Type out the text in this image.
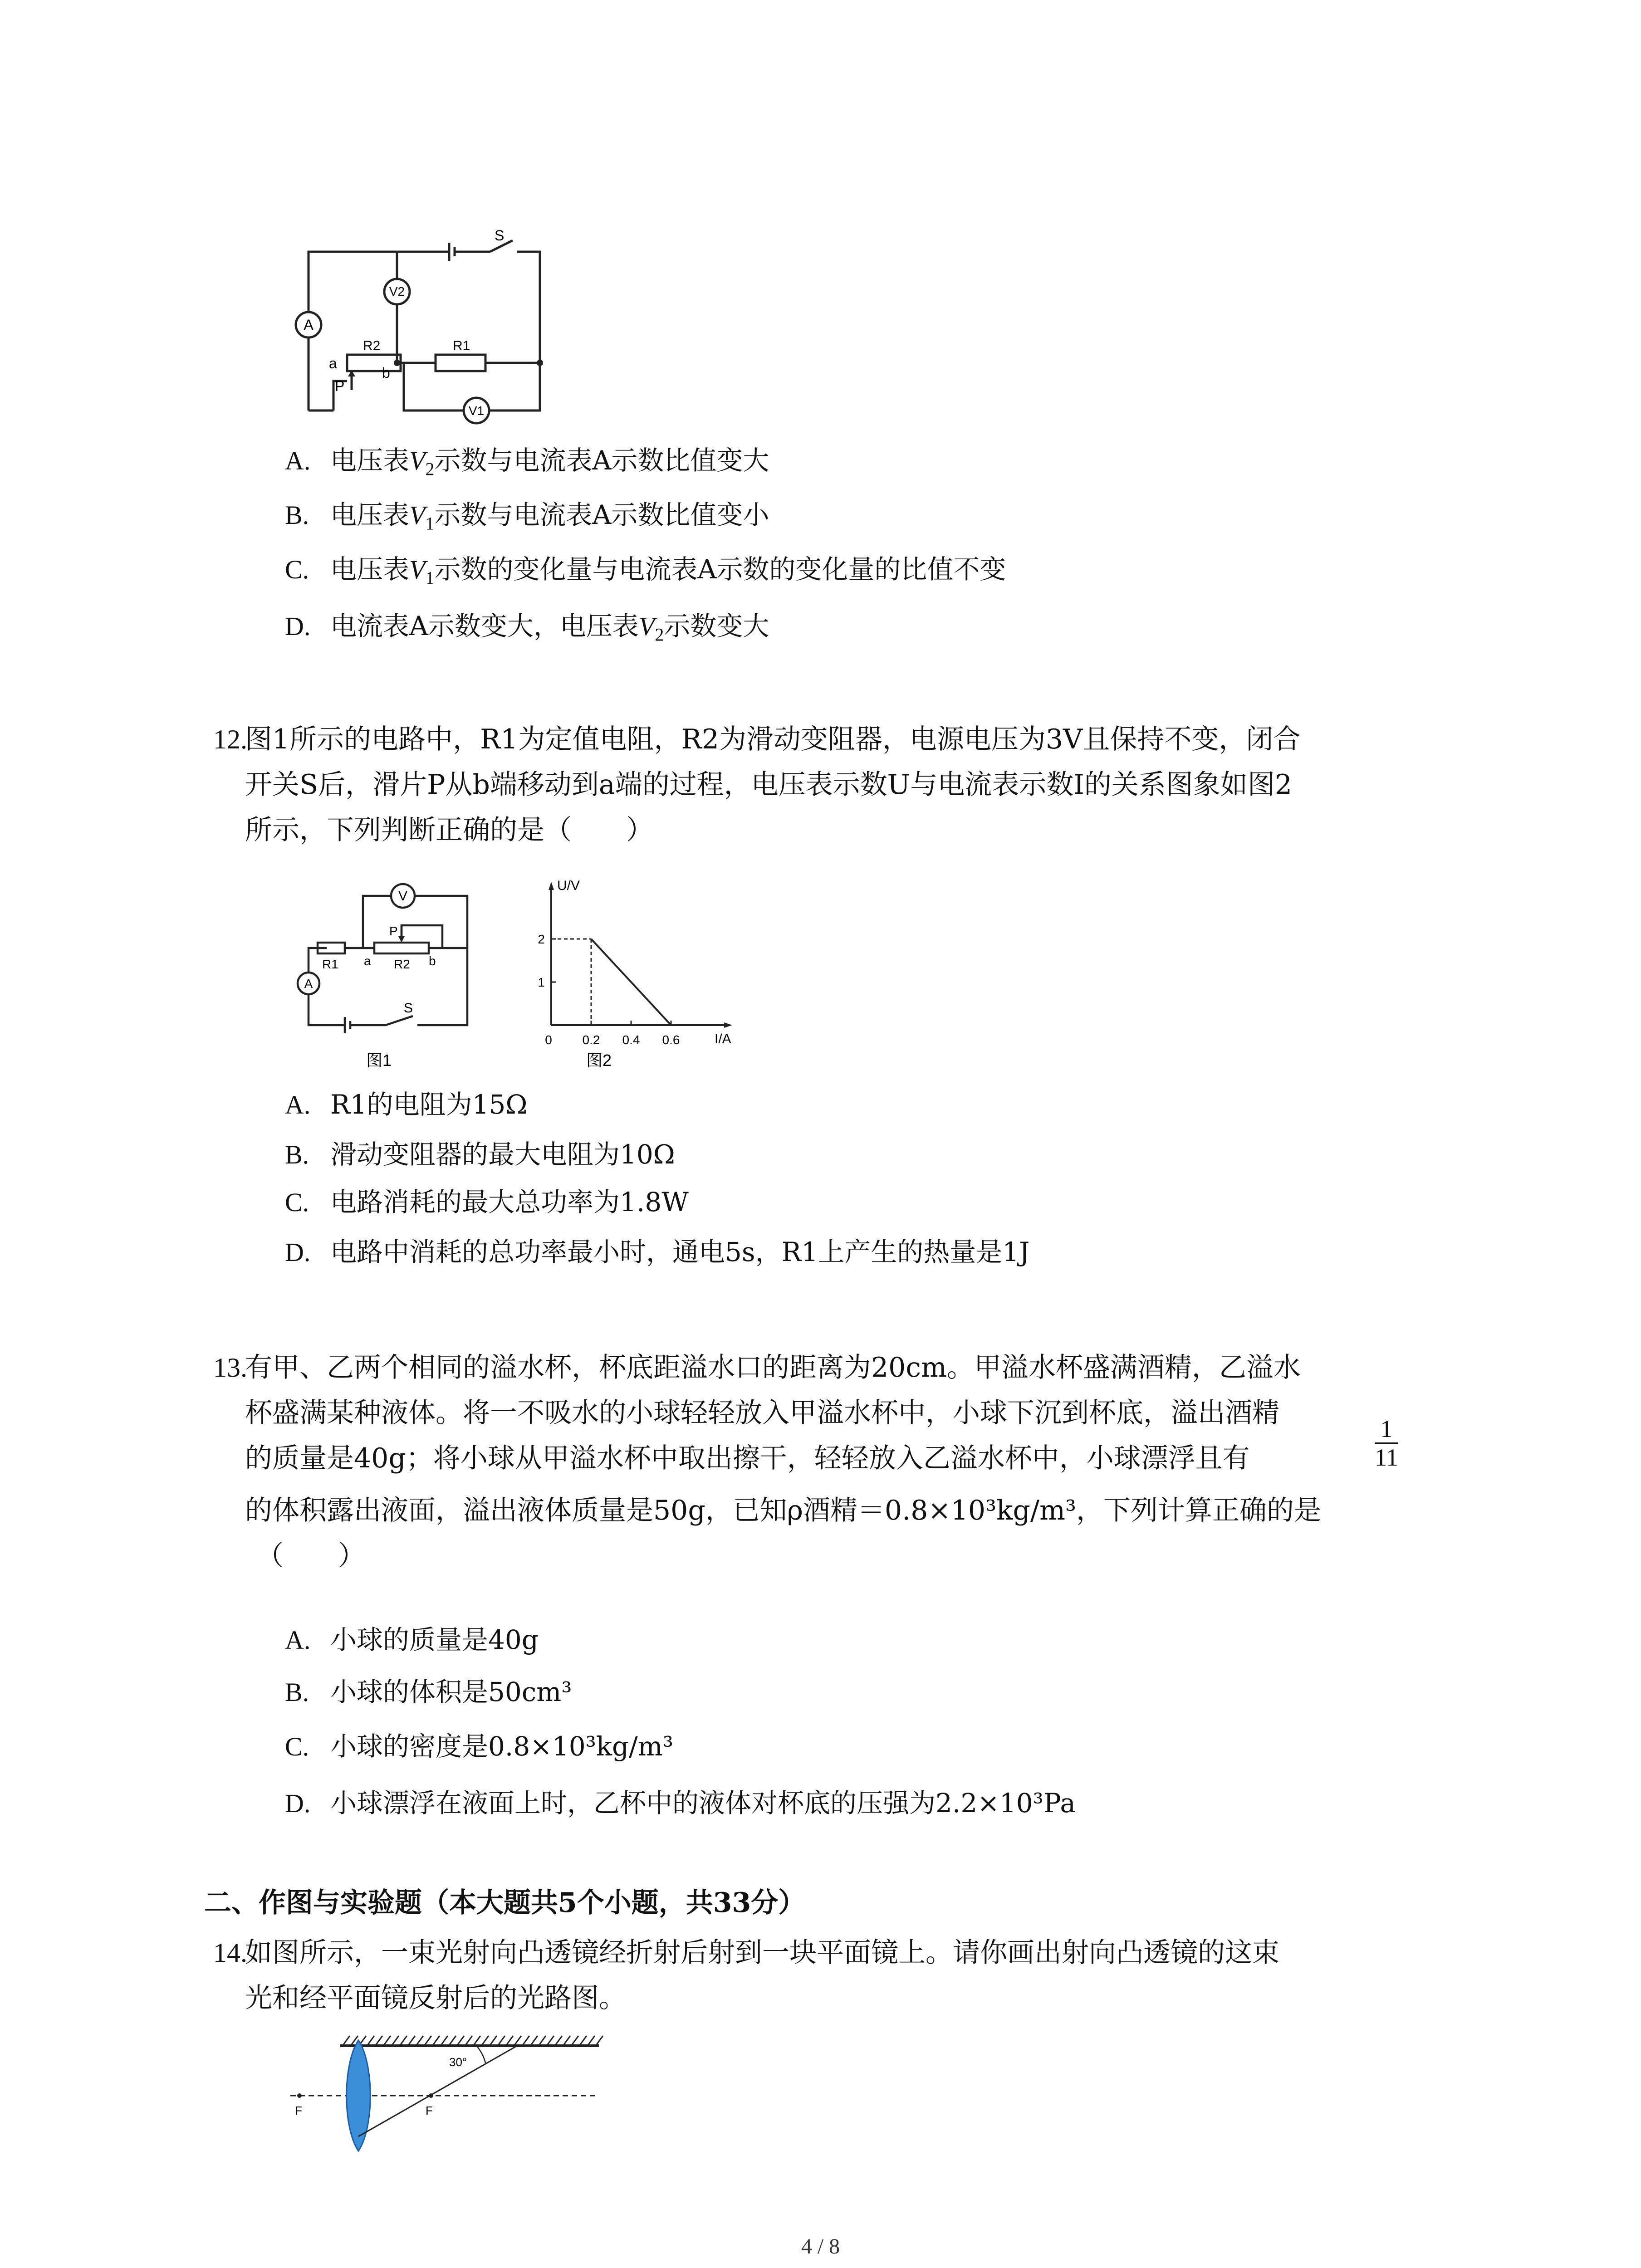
A
V2
V1
S
R2	R1
a
P
b
A. 电压表$V_2$示数与电流表A示数比值变大
B. 电压表$V_1$示数与电流表A示数比值变小
C. 电压表$V_1$示数的变化量与电流表A示数的变化量的比值不变
D. 电流表A示数变大，电压表$V_2$示数变大
12.
图1所示的电路中，R1为定值电阻，R2为滑动变阻器，电源电压为3V且保持不变，闭合
开关S后，滑片P从b端移动到a端的过程，电压表示数U与电流表示数I的关系图象如图2
所示，下列判断正确的是（　　）
V
P
R1 a R2 b
A
S
图1
U/V
I/A
图2
0 0.2 0.4 0.6
1
2
A. R1的电阻为15Ω
B. 滑动变阻器的最大电阻为10Ω
C. 电路消耗的最大总功率为1.8W
D. 电路中消耗的总功率最小时，通电5s，R1上产生的热量是1J
13.
有甲、乙两个相同的溢水杯，杯底距溢水口的距离为20cm。甲溢水杯盛满酒精，乙溢水
杯盛满某种液体。将一不吸水的小球轻轻放入甲溢水杯中，小球下沉到杯底，溢出酒精
的质量是40g；将小球从甲溢水杯中取出擦干，轻轻放入乙溢水杯中，小球漂浮且有	$\frac{1}{11}$
的体积露出液面，溢出液体质量是50g，已知ρ酒精＝0.8×10³kg/m³，下列计算正确的是
（　　）
A. 小球的质量是40g
B. 小球的体积是50cm³
C. 小球的密度是0.8×10³kg/m³
D. 小球漂浮在液面上时，乙杯中的液体对杯底的压强为2.2×10³Pa
二、作图与实验题（本大题共5个小题，共33分）
14.
如图所示，一束光射向凸透镜经折射后射到一块平面镜上。请你画出射向凸透镜的这束
光和经平面镜反射后的光路图。
30°
F	F
4 / 8
